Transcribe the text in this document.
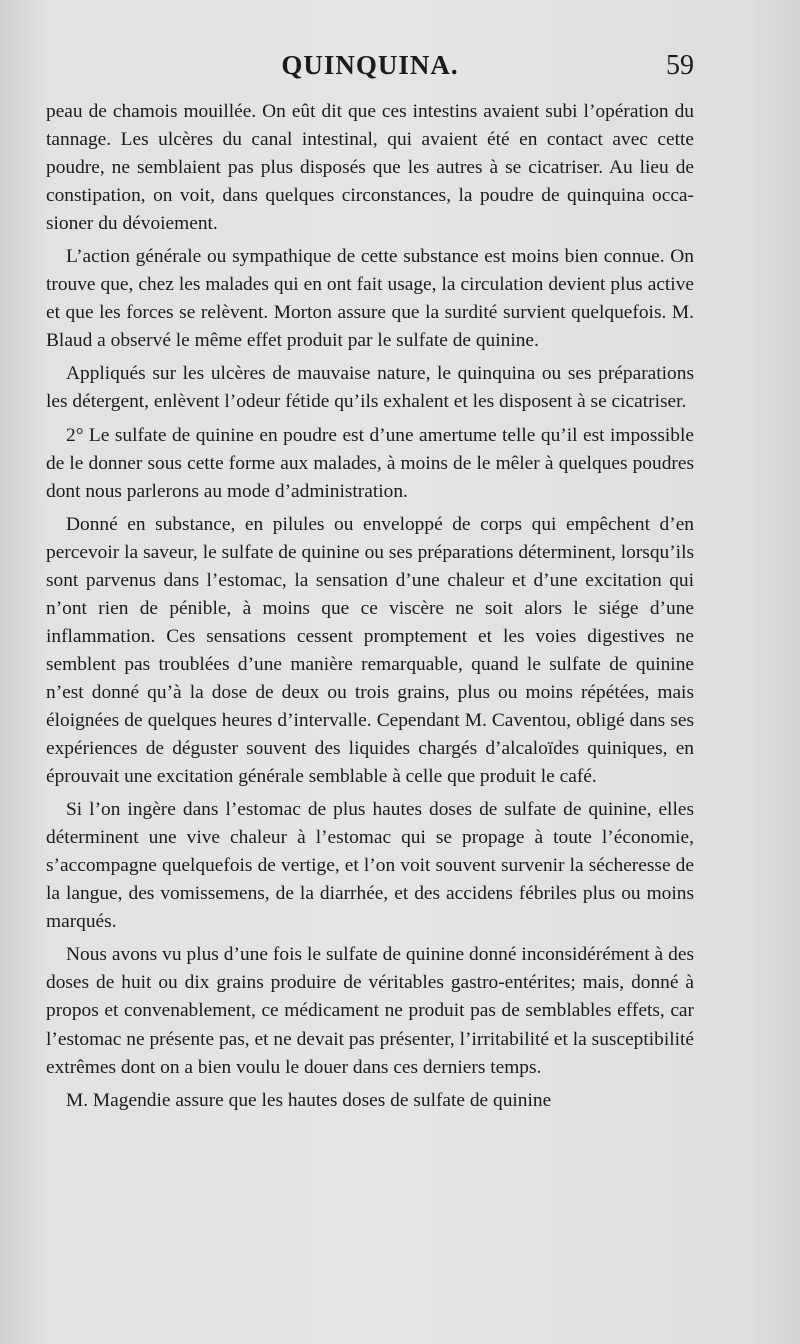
QUINQUINA.	59

peau de chamois mouillée. On eût dit que ces intestins avaient subi l’opération du tannage. Les ulcères du canal intestinal, qui avaient été en contact avec cette poudre, ne semblaient pas plus disposés que les autres à se cicatriser. Au lieu de constipation, on voit, dans quelques circonstances, la poudre de quinquina occasioner du dévoiement.

L’action générale ou sympathique de cette substance est moins bien connue. On trouve que, chez les malades qui en ont fait usage, la circulation devient plus active et que les forces se relèvent. Morton assure que la surdité survient quelquefois. M. Blaud a observé le même effet produit par le sulfate de quinine.

Appliqués sur les ulcères de mauvaise nature, le quinquina ou ses préparations les détergent, enlèvent l’odeur fétide qu’ils exhalent et les disposent à se cicatriser.

2° Le sulfate de quinine en poudre est d’une amertume telle qu’il est impossible de le donner sous cette forme aux malades, à moins de le mêler à quelques poudres dont nous parlerons au mode d’administration.

Donné en substance, en pilules ou enveloppé de corps qui empêchent d’en percevoir la saveur, le sulfate de quinine ou ses préparations déterminent, lorsqu’ils sont parvenus dans l’estomac, la sensation d’une chaleur et d’une excitation qui n’ont rien de pénible, à moins que ce viscère ne soit alors le siége d’une inflammation. Ces sensations cessent promptement et les voies digestives ne semblent pas troublées d’une manière remarquable, quand le sulfate de quinine n’est donné qu’à la dose de deux ou trois grains, plus ou moins répétées, mais éloignées de quelques heures d’intervalle. Cependant M. Caventou, obligé dans ses expériences de déguster souvent des liquides chargés d’alcaloïdes quiniques, en éprouvait une excitation générale semblable à celle que produit le café.

Si l’on ingère dans l’estomac de plus hautes doses de sulfate de quinine, elles déterminent une vive chaleur à l’estomac qui se propage à toute l’économie, s’accompagne quelquefois de vertige, et l’on voit souvent survenir la sécheresse de la langue, des vomissemens, de la diarrhée, et des accidens fébriles plus ou moins marqués.

Nous avons vu plus d’une fois le sulfate de quinine donné inconsidérément à des doses de huit ou dix grains produire de véritables gastro-entérites; mais, donné à propos et convenablement, ce médicament ne produit pas de semblables effets, car l’estomac ne présente pas, et ne devait pas présenter, l’irritabilité et la susceptibilité extrêmes dont on a bien voulu le douer dans ces derniers temps.

M. Magendie assure que les hautes doses de sulfate de quinine
